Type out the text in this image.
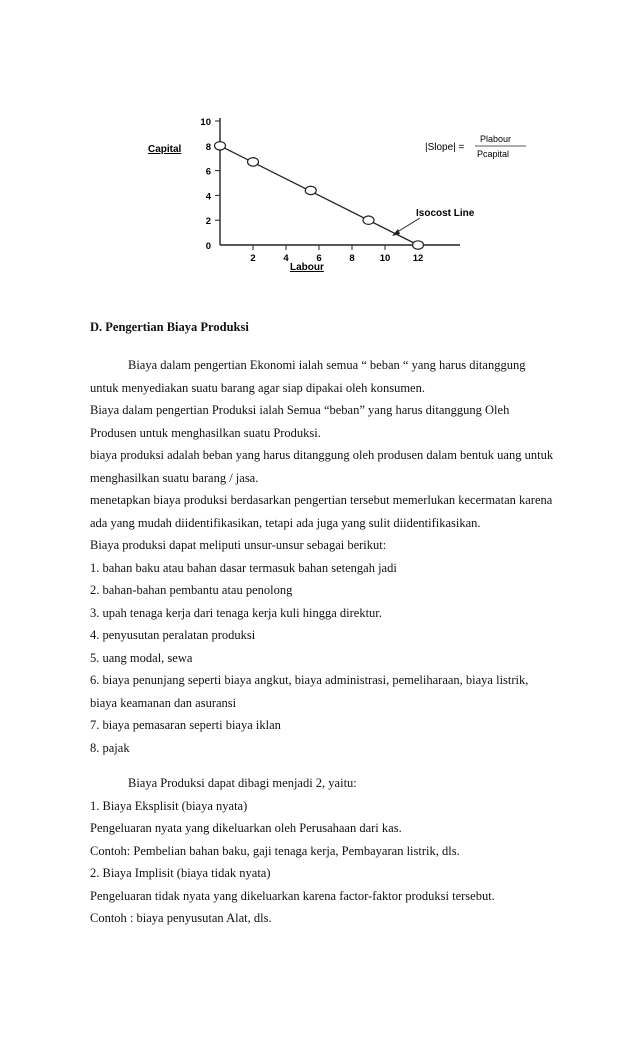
0
2
4
6
8
10
2	4	6	8	10 12
Capital
Labour
|Slope| =
Plabour
Pcapital
Isocost Line
D. Pengertian Biaya Produksi
Biaya dalam pengertian Ekonomi ialah semua “ beban “ yang harus ditanggung
untuk menyediakan suatu barang agar siap dipakai oleh konsumen.
Biaya dalam pengertian Produksi ialah Semua “beban” yang harus ditanggung Oleh
Produsen untuk menghasilkan suatu Produksi.
biaya produksi adalah beban yang harus ditanggung oleh produsen dalam bentuk uang untuk
menghasilkan suatu barang / jasa.
menetapkan biaya produksi berdasarkan pengertian tersebut memerlukan kecermatan karena
ada yang mudah diidentifikasikan, tetapi ada juga yang sulit diidentifikasikan.
Biaya produksi dapat meliputi unsur-unsur sebagai berikut:
1. bahan baku atau bahan dasar termasuk bahan setengah jadi
2. bahan-bahan pembantu atau penolong
3. upah tenaga kerja dari tenaga kerja kuli hingga direktur.
4. penyusutan peralatan produksi
5. uang modal, sewa
6. biaya penunjang seperti biaya angkut, biaya administrasi, pemeliharaan, biaya listrik,
biaya keamanan dan asuransi
7. biaya pemasaran seperti biaya iklan
8. pajak
Biaya Produksi dapat dibagi menjadi 2, yaitu:
1. Biaya Eksplisit (biaya nyata)
Pengeluaran nyata yang dikeluarkan oleh Perusahaan dari kas.
Contoh: Pembelian bahan baku, gaji tenaga kerja, Pembayaran listrik, dls.
2. Biaya Implisit (biaya tidak nyata)
Pengeluaran tidak nyata yang dikeluarkan karena factor-faktor produksi tersebut.
Contoh : biaya penyusutan Alat, dls.
